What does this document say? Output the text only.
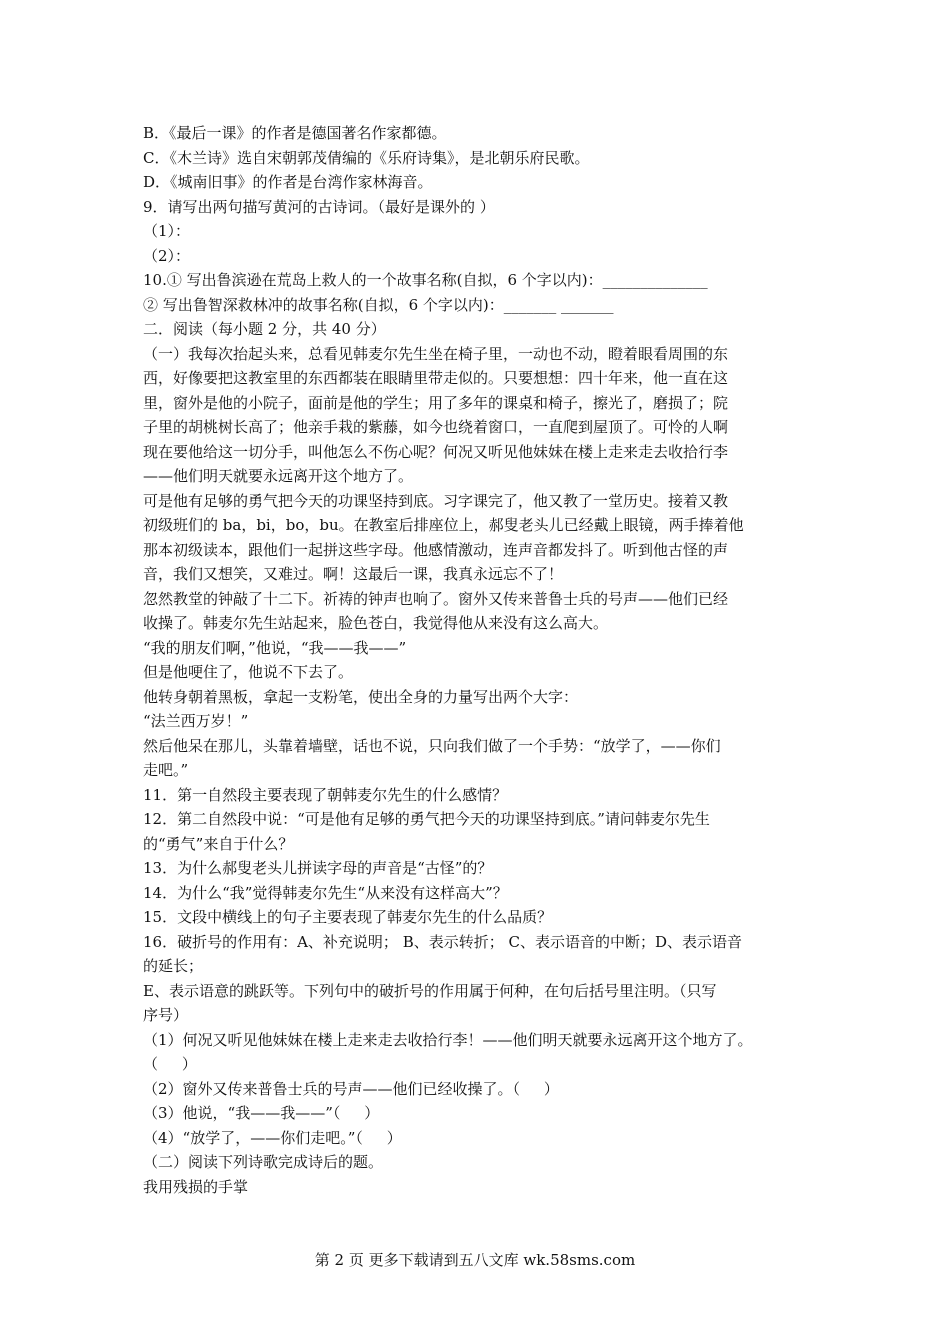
B．《最后一课》的作者是德国著名作家都德。

C．《木兰诗》选自宋朝郭茂倩编的《乐府诗集》，是北朝乐府民歌。

D．《城南旧事》的作者是台湾作家林海音。

9．请写出两句描写黄河的古诗词。（最好是课外的 ）

（1）：

（2）：

10.① 写出鲁滨逊在荒岛上救人的一个故事名称(自拟，6 个字以内)：______________

② 写出鲁智深救林冲的故事名称(自拟，6 个字以内)：_______ _______

二．阅读（每小题 2 分，共 40 分）

（一）我每次抬起头来，总看见韩麦尔先生坐在椅子里，一动也不动，瞪着眼看周围的东

西，好像要把这教室里的东西都装在眼睛里带走似的。只要想想：四十年来，他一直在这

里，窗外是他的小院子，面前是他的学生；用了多年的课桌和椅子，擦光了，磨损了；院

子里的胡桃树长高了；他亲手栽的紫藤，如今也绕着窗口，一直爬到屋顶了。可怜的人啊

现在要他给这一切分手，叫他怎么不伤心呢？何况又听见他妹妹在楼上走来走去收拾行李

——他们明天就要永远离开这个地方了。

可是他有足够的勇气把今天的功课坚持到底。习字课完了，他又教了一堂历史。接着又教

初级班们的 ba，bi，bo，bu。在教室后排座位上，郝叟老头儿已经戴上眼镜，两手捧着他

那本初级读本，跟他们一起拼这些字母。他感情激动，连声音都发抖了。听到他古怪的声

音，我们又想笑，又难过。啊！这最后一课，我真永远忘不了！

忽然教堂的钟敲了十二下。祈祷的钟声也响了。窗外又传来普鲁士兵的号声——他们已经

收操了。韩麦尔先生站起来，脸色苍白，我觉得他从来没有这么高大。

“我的朋友们啊，”他说，“我——我——”

但是他哽住了，他说不下去了。

他转身朝着黑板，拿起一支粉笔，使出全身的力量写出两个大字：

“法兰西万岁！”

然后他呆在那儿，头靠着墙壁，话也不说，只向我们做了一个手势：“放学了，——你们

走吧。”

11．第一自然段主要表现了朝韩麦尔先生的什么感情？

12．第二自然段中说：“可是他有足够的勇气把今天的功课坚持到底。”请问韩麦尔先生

的“勇气”来自于什么？

13．为什么郝叟老头儿拼读字母的声音是“古怪”的？

14．为什么“我”觉得韩麦尔先生“从来没有这样高大”？

15．文段中横线上的句子主要表现了韩麦尔先生的什么品质？

16．破折号的作用有：A、补充说明； B、表示转折； C、表示语音的中断；D、表示语音

的延长；

E、表示语意的跳跃等。下列句中的破折号的作用属于何种，在句后括号里注明。（只写

序号）

（1）何况又听见他妹妹在楼上走来走去收拾行李！——他们明天就要永远离开这个地方了。

（     ）

（2）窗外又传来普鲁士兵的号声——他们已经收操了。（     ）

（3）他说，“我——我——”（     ）

（4）“放学了，——你们走吧。”（     ）

（二）阅读下列诗歌完成诗后的题。

我用残损的手掌

第 2 页 更多下载请到五八文库 wk.58sms.com
